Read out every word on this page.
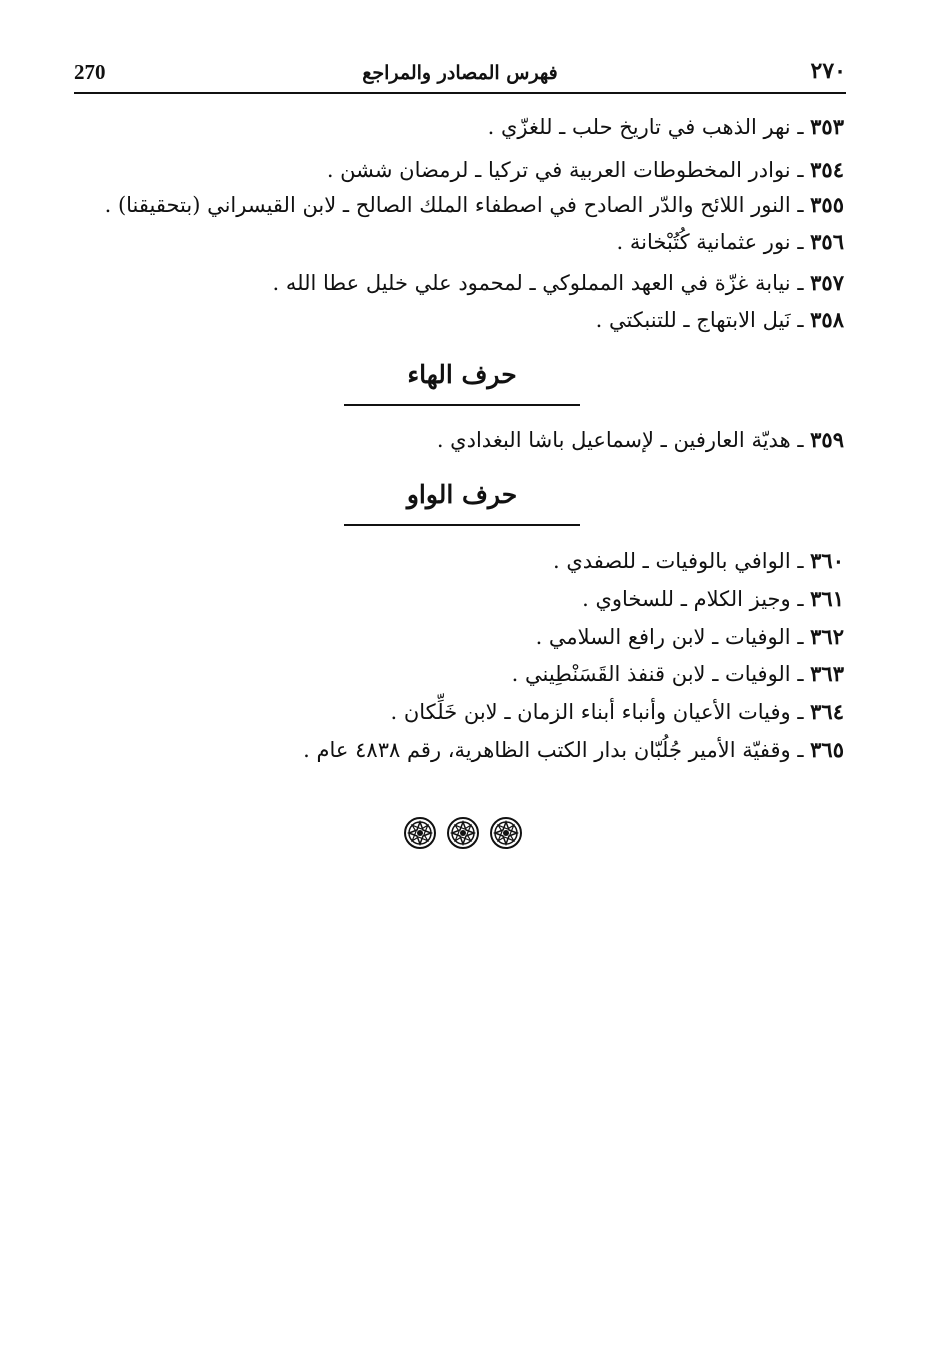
270	فهرس المصادر والمراجع	٢٧٠
٣٥٣ ـ نهر الذهب في تاريخ حلب ـ للغزّي .
٣٥٤ ـ نوادر المخطوطات العربية في تركيا ـ لرمضان ششن .
٣٥٥ ـ النور اللائح والدّر الصادح في اصطفاء الملك الصالح ـ لابن القيسراني (بتحقيقنا) .
٣٥٦ ـ نور عثمانية كُتُبْخانة .
٣٥٧ ـ نيابة غزّة في العهد المملوكي ـ لمحمود علي خليل عطا الله .
٣٥٨ ـ نَيل الابتهاج ـ للتنبكتي .
حرف الهاء
٣٥٩ ـ هديّة العارفين ـ لإسماعيل باشا البغدادي .
حرف الواو
٣٦٠ ـ الوافي بالوفيات ـ للصفدي .
٣٦١ ـ وجيز الكلام ـ للسخاوي .
٣٦٢ ـ الوفيات ـ لابن رافع السلامي .
٣٦٣ ـ الوفيات ـ لابن قنفذ القَسَنْطِيني .
٣٦٤ ـ وفيات الأعيان وأنباء أبناء الزمان ـ لابن خَلِّكان .
٣٦٥ ـ وقفيّة الأمير جُلُبّان بدار الكتب الظاهرية، رقم ٤٨٣٨ عام .
